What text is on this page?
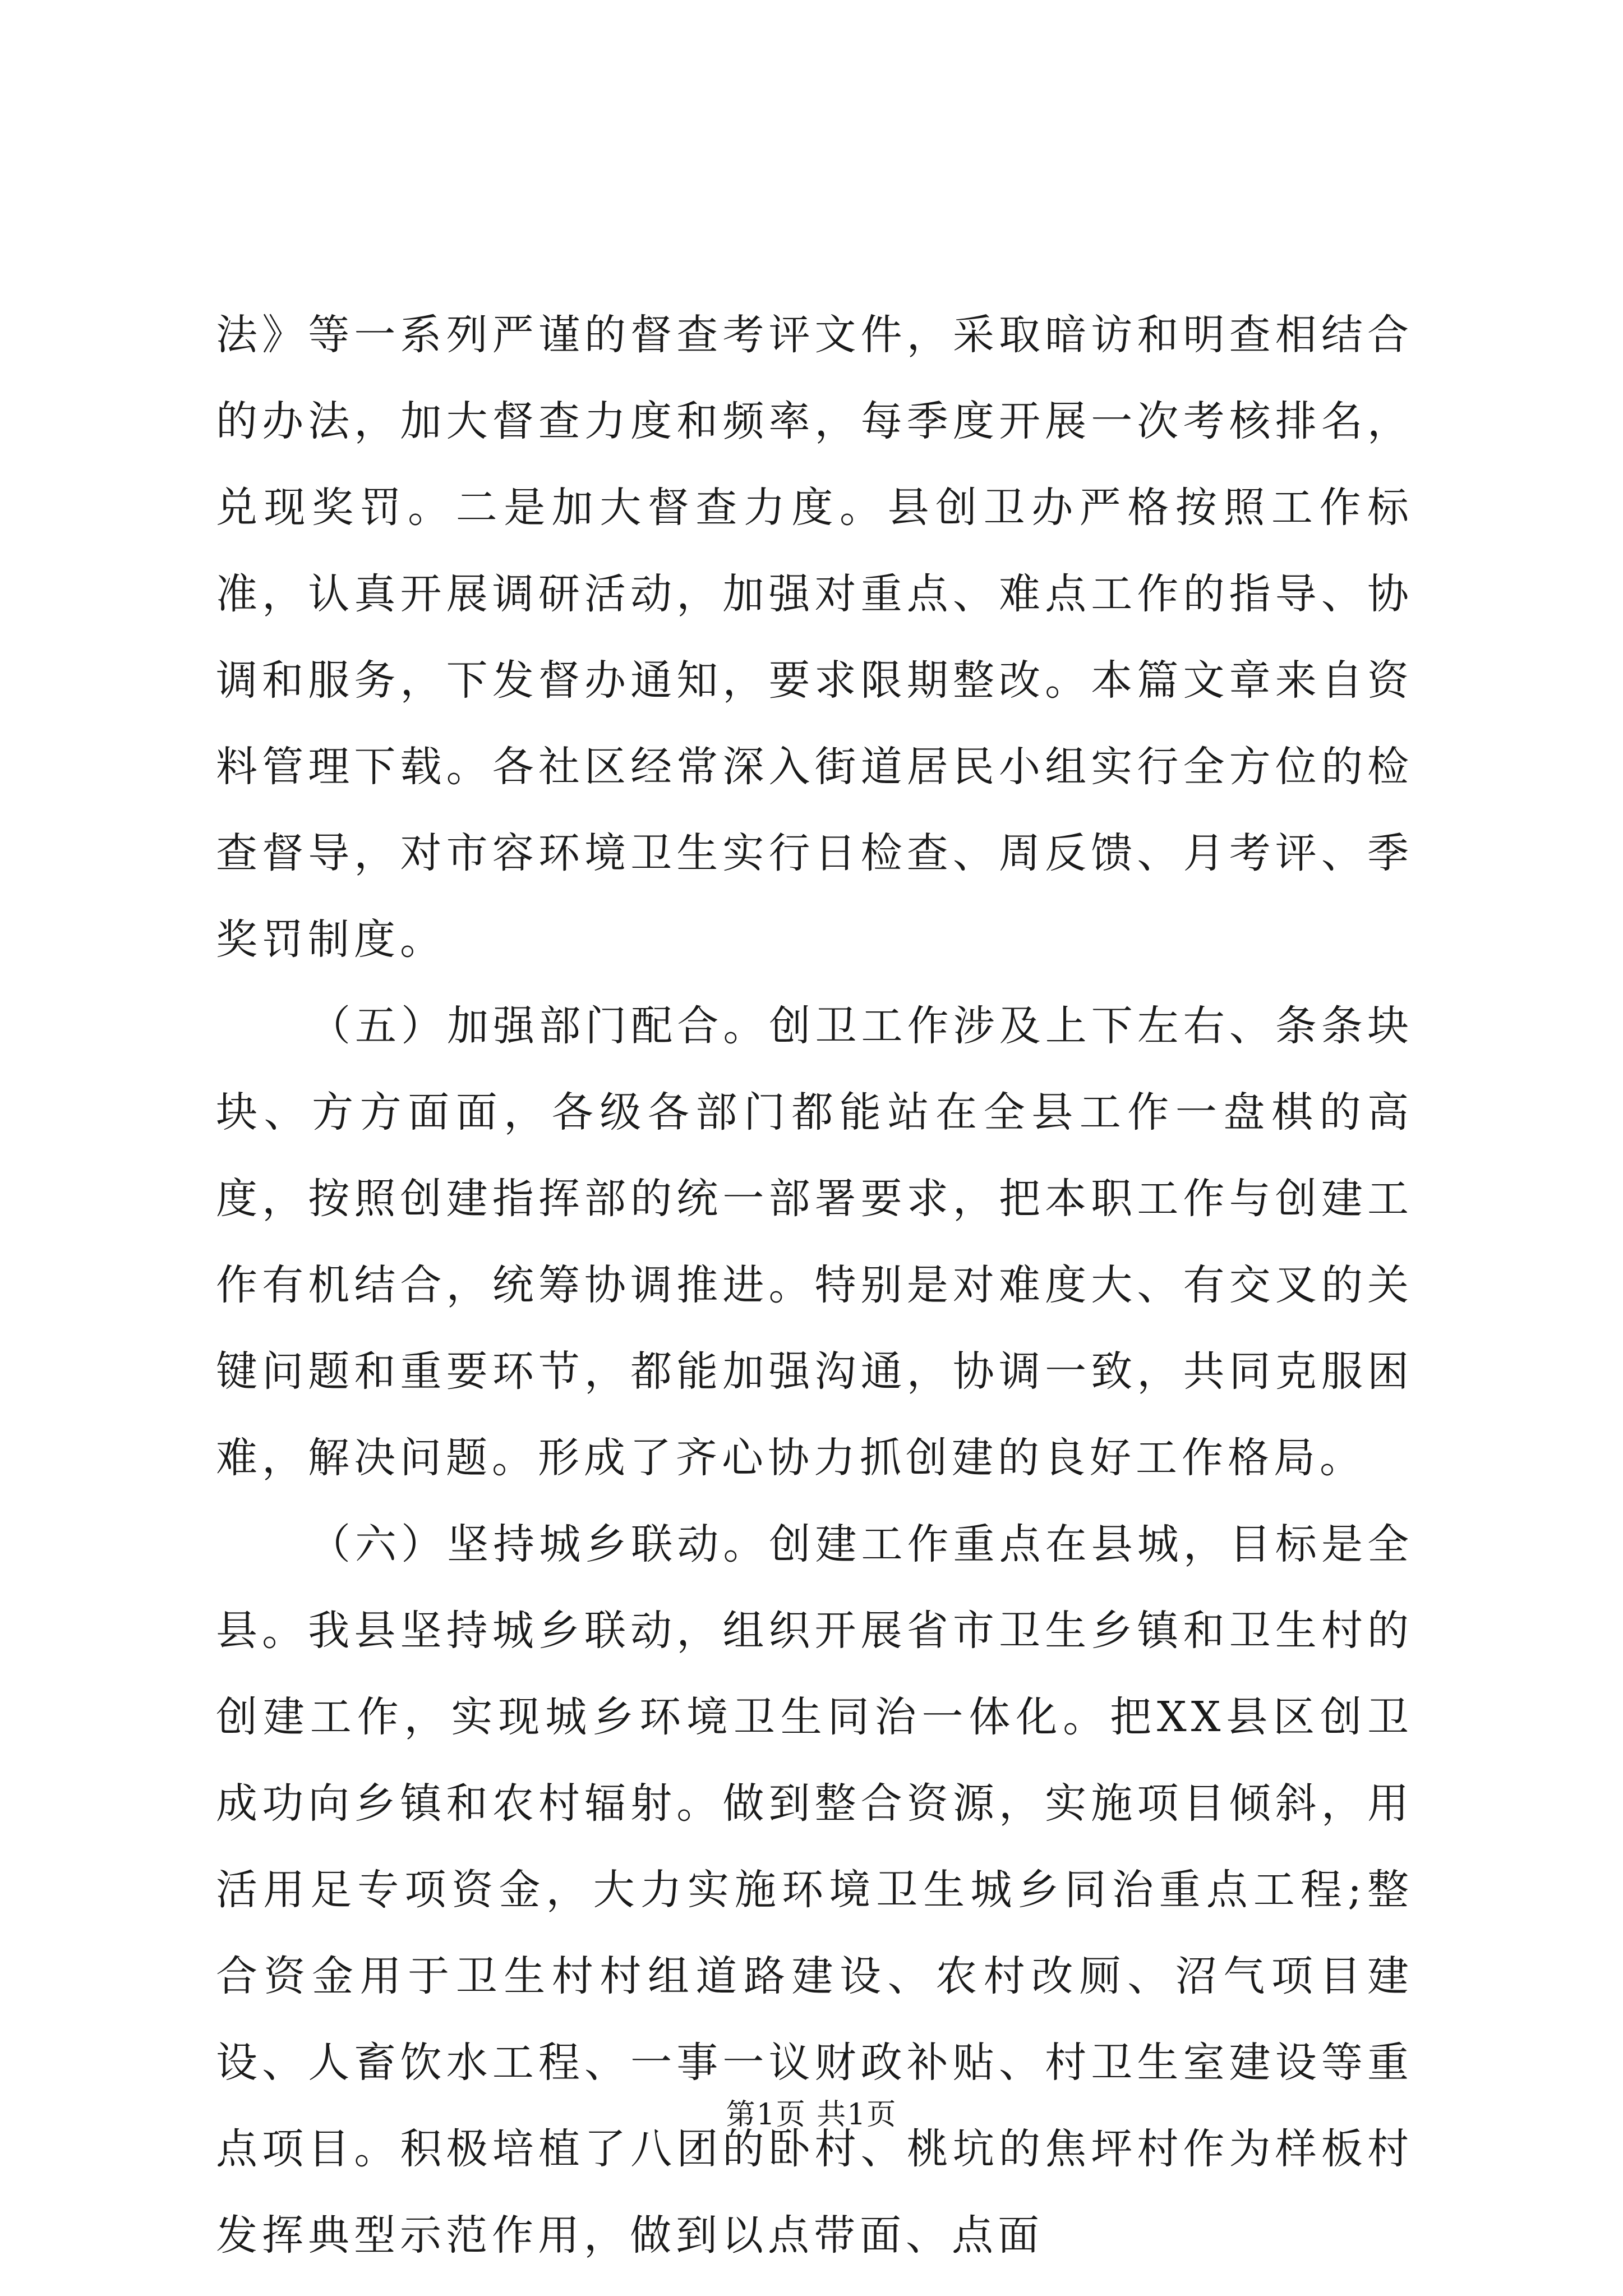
法》等一系列严谨的督查考评文件，采取暗访和明查相结合的办法，加大督查力度和频率，每季度开展一次考核排名，兑现奖罚。二是加大督查力度。县创卫办严格按照工作标准，认真开展调研活动，加强对重点、难点工作的指导、协调和服务，下发督办通知，要求限期整改。本篇文章来自资料管理下载。各社区经常深入街道居民小组实行全方位的检查督导，对市容环境卫生实行日检查、周反馈、月考评、季奖罚制度。

（五）加强部门配合。创卫工作涉及上下左右、条条块块、方方面面，各级各部门都能站在全县工作一盘棋的高度，按照创建指挥部的统一部署要求，把本职工作与创建工作有机结合，统筹协调推进。特别是对难度大、有交叉的关键问题和重要环节，都能加强沟通，协调一致，共同克服困难，解决问题。形成了齐心协力抓创建的良好工作格局。

（六）坚持城乡联动。创建工作重点在县城，目标是全县。我县坚持城乡联动，组织开展省市卫生乡镇和卫生村的创建工作，实现城乡环境卫生同治一体化。把XX县区创卫成功向乡镇和农村辐射。做到整合资源，实施项目倾斜，用活用足专项资金，大力实施环境卫生城乡同治重点工程;整合资金用于卫生村村组道路建设、农村改厕、沼气项目建设、人畜饮水工程、一事一议财政补贴、村卫生室建设等重点项目。积极培植了八团的卧村、桃坑的焦坪村作为样板村发挥典型示范作用，做到以点带面、点面

第1页 共1页
